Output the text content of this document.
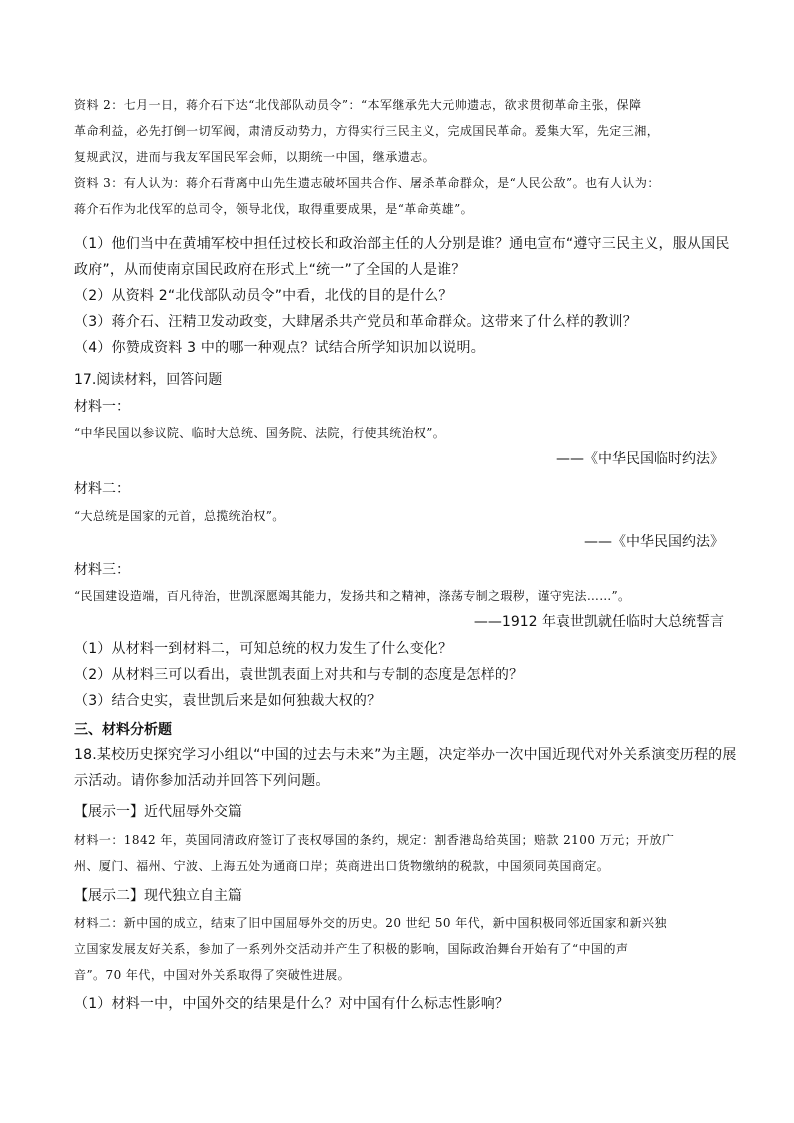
资料 2：七月一日，蒋介石下达“北伐部队动员令”：“本军继承先大元帅遗志，欲求贯彻革命主张，保障
革命利益，必先打倒一切军阀，肃清反动势力，方得实行三民主义，完成国民革命。爰集大军，先定三湘，
复规武汉，进而与我友军国民军会师，以期统一中国，继承遗志。
资料 3：有人认为：蒋介石背离中山先生遗志破坏国共合作、屠杀革命群众，是“人民公敌”。也有人认为：
蒋介石作为北伐军的总司令，领导北伐，取得重要成果，是“革命英雄”。
（1）他们当中在黄埔军校中担任过校长和政治部主任的人分别是谁？通电宣布“遵守三民主义，服从国民
政府”，从而使南京国民政府在形式上“统一”了全国的人是谁？
（2）从资料 2“北伐部队动员令”中看，北伐的目的是什么？
（3）蒋介石、汪精卫发动政变，大肆屠杀共产党员和革命群众。这带来了什么样的教训？
（4）你赞成资料 3 中的哪一种观点？试结合所学知识加以说明。
17.阅读材料，回答问题
材料一：
“中华民国以参议院、临时大总统、国务院、法院，行使其统治权”。
——《中华民国临时约法》
材料二：
“大总统是国家的元首，总揽统治权”。
——《中华民国约法》
材料三：
“民国建设造端，百凡待治，世凯深愿竭其能力，发扬共和之精神，涤荡专制之瑕秽，谨守宪法……”。
——1912 年袁世凯就任临时大总统誓言
（1）从材料一到材料二，可知总统的权力发生了什么变化？
（2）从材料三可以看出，袁世凯表面上对共和与专制的态度是怎样的？
（3）结合史实，袁世凯后来是如何独裁大权的？
三、材料分析题
18.某校历史探究学习小组以“中国的过去与未来”为主题，决定举办一次中国近现代对外关系演变历程的展
示活动。请你参加活动并回答下列问题。
【展示一】近代屈辱外交篇
材料一：1842 年，英国同清政府签订了丧权辱国的条约，规定：割香港岛给英国；赔款 2100 万元；开放广
州、厦门、福州、宁波、上海五处为通商口岸；英商进出口货物缴纳的税款，中国须同英国商定。
【展示二】现代独立自主篇
材料二：新中国的成立，结束了旧中国屈辱外交的历史。20 世纪 50 年代，新中国积极同邻近国家和新兴独
立国家发展友好关系，参加了一系列外交活动并产生了积极的影响，国际政治舞台开始有了“中国的声
音”。70 年代，中国对外关系取得了突破性进展。
（1）材料一中，中国外交的结果是什么？对中国有什么标志性影响？
